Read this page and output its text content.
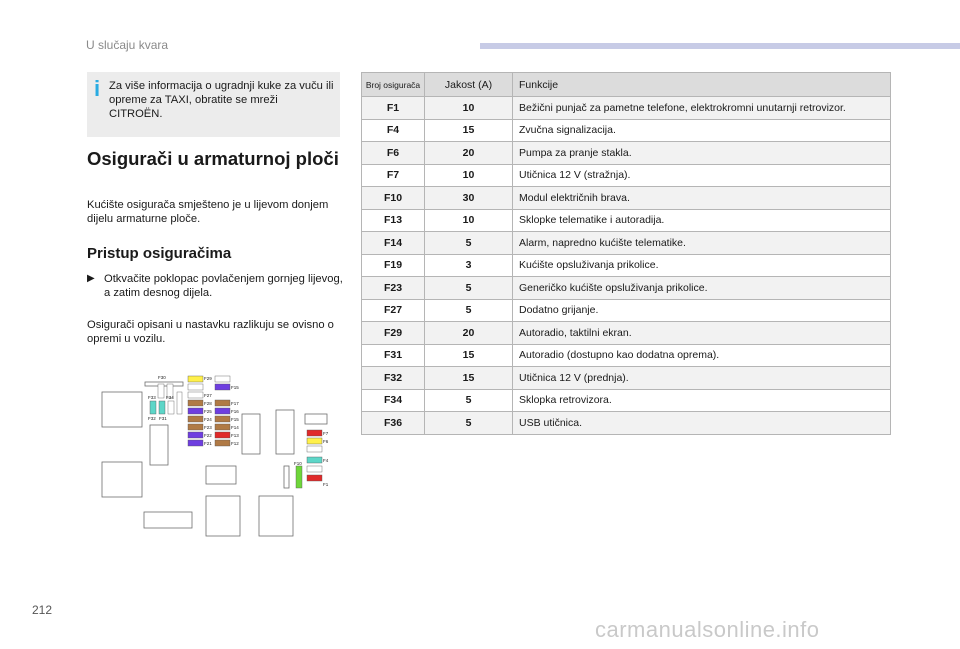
U slučaju kvara
i Za više informacija o ugradnji kuke za vuču ili opreme za TAXI, obratite se mreži CITROËN.
Osigurači u armaturnoj ploči
Kućište osigurača smješteno je u lijevom donjem dijelu armaturne ploče.
Pristup osiguračima
▶ Otkvačite poklopac povlačenjem gornjeg lijevog, a zatim desnog dijela.
Osigurači opisani u nastavku razlikuju se ovisno o opremi u vozilu.
F30	F29
F15
F33 F34	F27
F28	F17
F32 F31
F25	F16
F24	F15
F23	F14
F22	F13
F21	F12
F7
F6
F10
F4
F1
Broj osigurača	Jakost (A)	Funkcije
F1	10	Bežični punjač za pametne telefone, elektrokromni unutarnji retrovizor.
F4	15	Zvučna signalizacija.
F6	20	Pumpa za pranje stakla.
F7	10	Utičnica 12 V (stražnja).
F10	30	Modul električnih brava.
F13	10	Sklopke telematike i autoradija.
F14	5	Alarm, napredno kućište telematike.
F19	3	Kućište opsluživanja prikolice.
F23	5	Generičko kućište opsluživanja prikolice.
F27	5	Dodatno grijanje.
F29	20	Autoradio, taktilni ekran.
F31	15	Autoradio (dostupno kao dodatna oprema).
F32	15	Utičnica 12 V (prednja).
F34	5	Sklopka retrovizora.
F36	5	USB utičnica.
212
carmanualsonline.info
